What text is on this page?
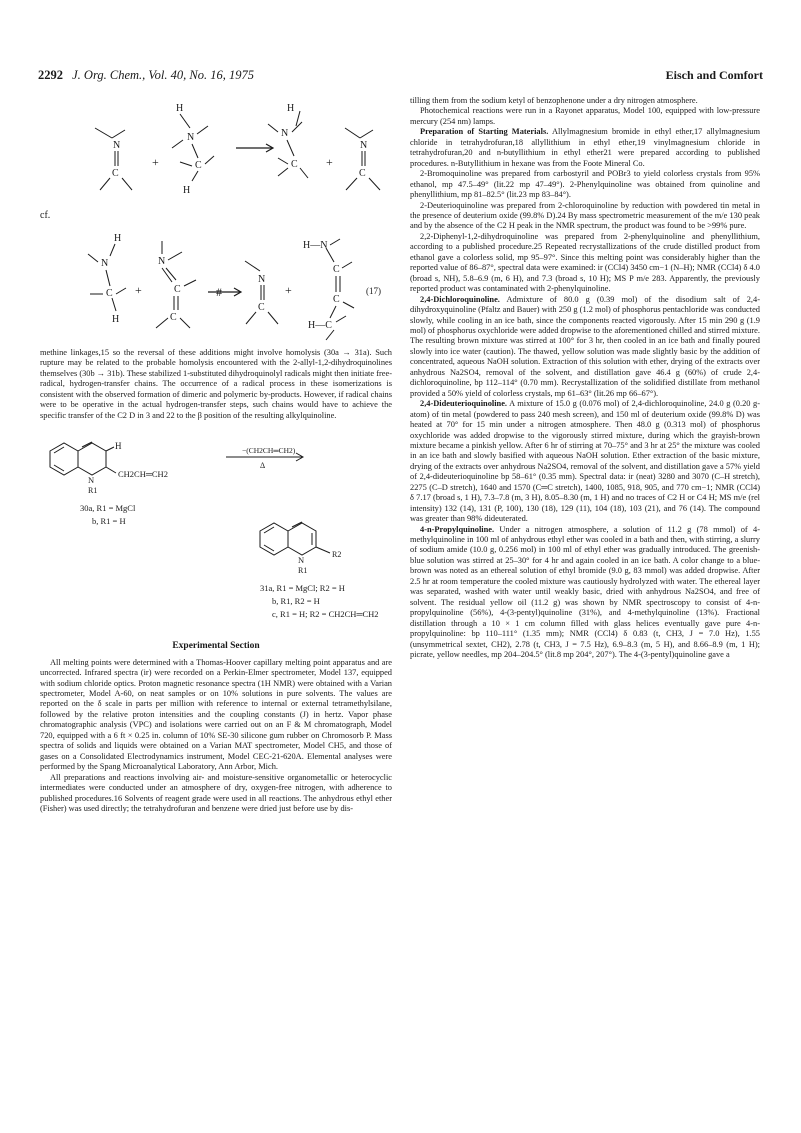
2292 J. Org. Chem., Vol. 40, No. 16, 1975	Eisch and Comfort
N
C
+
H
N
C
H
H
N
C +
N
C
cf.
H
N
C
H
+
N
C
C
#
N
C
+
H—N
C
C
H—C
(17)

methine linkages,15 so the reversal of these additions might involve homolysis (30a → 31a). Such rupture may be related to the probable homolysis encountered with the 2-allyl-1,2-dihydroquinolines themselves (30b → 31b). These stabilized 1-substituted dihydroquinolyl radicals might then initiate free-radical, hydrogen-transfer chains. The occurrence of a radical process in these isomerizations is consistent with the observed formation of dimeric and polymeric by-products. However, if radical chains were to be operative in the actual hydrogen-transfer steps, such chains would have to achieve the specific transfer of the C2 D in 3 and 22 to the β position of the resulting alkylquinoline.

H
CH2CH═CH2
N
R1
−(CH2CH═CH2)
Δ
30a, R1 = MgCl
b, R1 = H
R2
N
R1
31a, R1 = MgCl; R2 = H
b, R1, R2 = H
c, R1 = H; R2 = CH2CH═CH2
Experimental Section

All melting points were determined with a Thomas-Hoover capillary melting point apparatus and are uncorrected. Infrared spectra (ir) were recorded on a Perkin-Elmer spectrometer, Model 137, equipped with sodium chloride optics. Proton magnetic resonance spectra (1H NMR) were obtained with a Varian spectrometer, Model A-60, on neat samples or on 10% solutions in pure solvents. The values are reported on the δ scale in parts per million with reference to internal or external tetramethylsilane, followed by the relative proton intensities and the coupling constants (J) in hertz. Vapor phase chromatographic analysis (VPC) and isolations were carried out on an F & M chromatograph, Model 720, equipped with a 6 ft × 0.25 in. column of 10% SE-30 silicone gum rubber on Chromosorb P. Mass spectra of solids and liquids were obtained on a Varian MAT spectrometer, Model CH5, and those of gases on a Consolidated Electrodynamics instrument, Model CEC-21-620A. Elemental analyses were performed by the Spang Microanalytical Laboratory, Ann Arbor, Mich.

All preparations and reactions involving air- and moisture-sensitive organometallic or heterocyclic intermediates were conducted under an atmosphere of dry, oxygen-free nitrogen, with adherence to published procedures.16 Solvents of reagent grade were used in all reactions. The anhydrous ethyl ether (Fisher) was used directly; the tetrahydrofuran and benzene were dried just before use by dis-

tilling them from the sodium ketyl of benzophenone under a dry nitrogen atmosphere.

Photochemical reactions were run in a Rayonet apparatus, Model 100, equipped with low-pressure mercury (254 nm) lamps.

Preparation of Starting Materials. Allylmagnesium bromide in ethyl ether,17 allylmagnesium chloride in tetrahydrofuran,18 allyllithium in ethyl ether,19 vinylmagnesium chloride in tetrahydrofuran,20 and n-butyllithium in ethyl ether21 were prepared according to published procedures. n-Butyllithium in hexane was from the Foote Mineral Co.

2-Bromoquinoline was prepared from carbostyril and POBr3 to yield colorless crystals from 95% ethanol, mp 47.5–49° (lit.22 mp 47–49°). 2-Phenylquinoline was obtained from quinoline and phenyllithium, mp 81–82.5° (lit.23 mp 83–84°).

2-Deuterioquinoline was prepared from 2-chloroquinoline by reduction with powdered tin metal in the presence of deuterium oxide (99.8% D).24 By mass spectrometric measurement of the m/e 130 peak and by the absence of the C2 H peak in the NMR spectrum, the product was found to be >99% pure.

2,2-Diphenyl-1,2-dihydroquinoline was prepared from 2-phenylquinoline and phenyllithium, according to a published procedure.25 Repeated recrystallizations of the crude distilled product from ethanol gave a colorless solid, mp 95–97°. Since this melting point was considerably higher than the reported value of 86–87°, spectral data were examined: ir (CCl4) 3450 cm−1 (N–H); NMR (CCl4) δ 4.0 (broad s, NH), 5.8–6.9 (m, 6 H), and 7.3 (broad s, 10 H); MS P m/e 283. Apparently, the previously reported product was contaminated with 2-phenylquinoline.

2,4-Dichloroquinoline. Admixture of 80.0 g (0.39 mol) of the disodium salt of 2,4-dihydroxyquinoline (Pfaltz and Bauer) with 250 g (1.2 mol) of phosphorus pentachloride was conducted slowly, while cooling in an ice bath, since the components reacted vigorously. After 15 min 290 g (1.9 mol) of phosphorus oxychloride were added dropwise to the aforementioned chilled and stirred mixture. The resulting brown mixture was stirred at 100° for 3 hr, then cooled in an ice bath and finally poured slowly into ice water (caution). The thawed, yellow solution was made slightly basic by the addition of concentrated, aqueous NaOH solution. Extraction of this solution with ether, drying of the extracts over anhydrous Na2SO4, removal of the solvent, and distillation gave 46.4 g (60%) of crude 2,4-dichloroquinoline, bp 112–114° (0.70 mm). Recrystallization of the solidified distillate from methanol provided a 50% yield of colorless crystals, mp 61–63° (lit.26 mp 66–67°).

2,4-Dideuterioquinoline. A mixture of 15.0 g (0.076 mol) of 2,4-dichloroquinoline, 24.0 g (0.20 g-atom) of tin metal (powdered to pass 240 mesh screen), and 150 ml of deuterium oxide (99.8% D) was heated at 70° for 15 min under a nitrogen atmosphere. Then 48.0 g (0.313 mol) of phosphorus oxychloride was added dropwise to the vigorously stirred mixture, during which the grayish-brown mixture became a pinkish yellow. After 6 hr of stirring at 70–75° and 3 hr at 25° the mixture was cooled in an ice bath and slowly basified with aqueous NaOH solution. Ether extraction of the basic mixture, drying of the extracts over anhydrous Na2SO4, removal of the solvent, and distillation gave a 57% yield of 2,4-dideuterioquinoline bp 58–61° (0.35 mm). Spectral data: ir (neat) 3280 and 3070 (C–H stretch), 2275 (C–D stretch), 1640 and 1570 (C═C stretch), 1400, 1085, 918, 905, and 770 cm−1; NMR (CCl4) δ 7.17 (broad s, 1 H), 7.3–7.8 (m, 3 H), 8.05–8.30 (m, 1 H) and no traces of C2 H or C4 H; MS m/e (rel intensity) 132 (14), 131 (P, 100), 130 (18), 129 (11), 104 (18), 103 (21), and 76 (14). The compound was greater than 98% dideuterated.

4-n-Propylquinoline. Under a nitrogen atmosphere, a solution of 11.2 g (78 mmol) of 4-methylquinoline in 100 ml of anhydrous ethyl ether was cooled in a bath and then, with stirring, a slurry of sodium amide (10.0 g, 0.256 mol) in 100 ml of ethyl ether was gradually introduced. The greenish-blue solution was stirred at 25–30° for 4 hr and again cooled in an ice bath. A color change to a blue-brown was noted as an ethereal solution of ethyl bromide (9.0 g, 83 mmol) was added dropwise. After 2.5 hr at room temperature the cooled mixture was cautiously hydrolyzed with water. The ethereal layer was separated, washed with water until weakly basic, dried with anhydrous Na2SO4, and free of solvent. The residual yellow oil (11.2 g) was shown by NMR spectroscopy to consist of 4-n-propylquinoline (56%), 4-(3-pentyl)quinoline (31%), and 4-methylquinoline (13%). Fractional distillation through a 10 × 1 cm column filled with glass helices eventually gave pure 4-n-propylquinoline: bp 110–111° (1.35 mm); NMR (CCl4) δ 0.83 (t, CH3, J = 7.0 Hz), 1.55 (unsymmetrical sextet, CH2), 2.78 (t, CH3, J = 7.5 Hz), 6.9–8.3 (m, 5 H), and 8.66–8.9 (m, 1 H); picrate, yellow needles, mp 204–204.5° (lit.8 mp 204°, 207°). The 4-(3-pentyl)quinoline gave a
